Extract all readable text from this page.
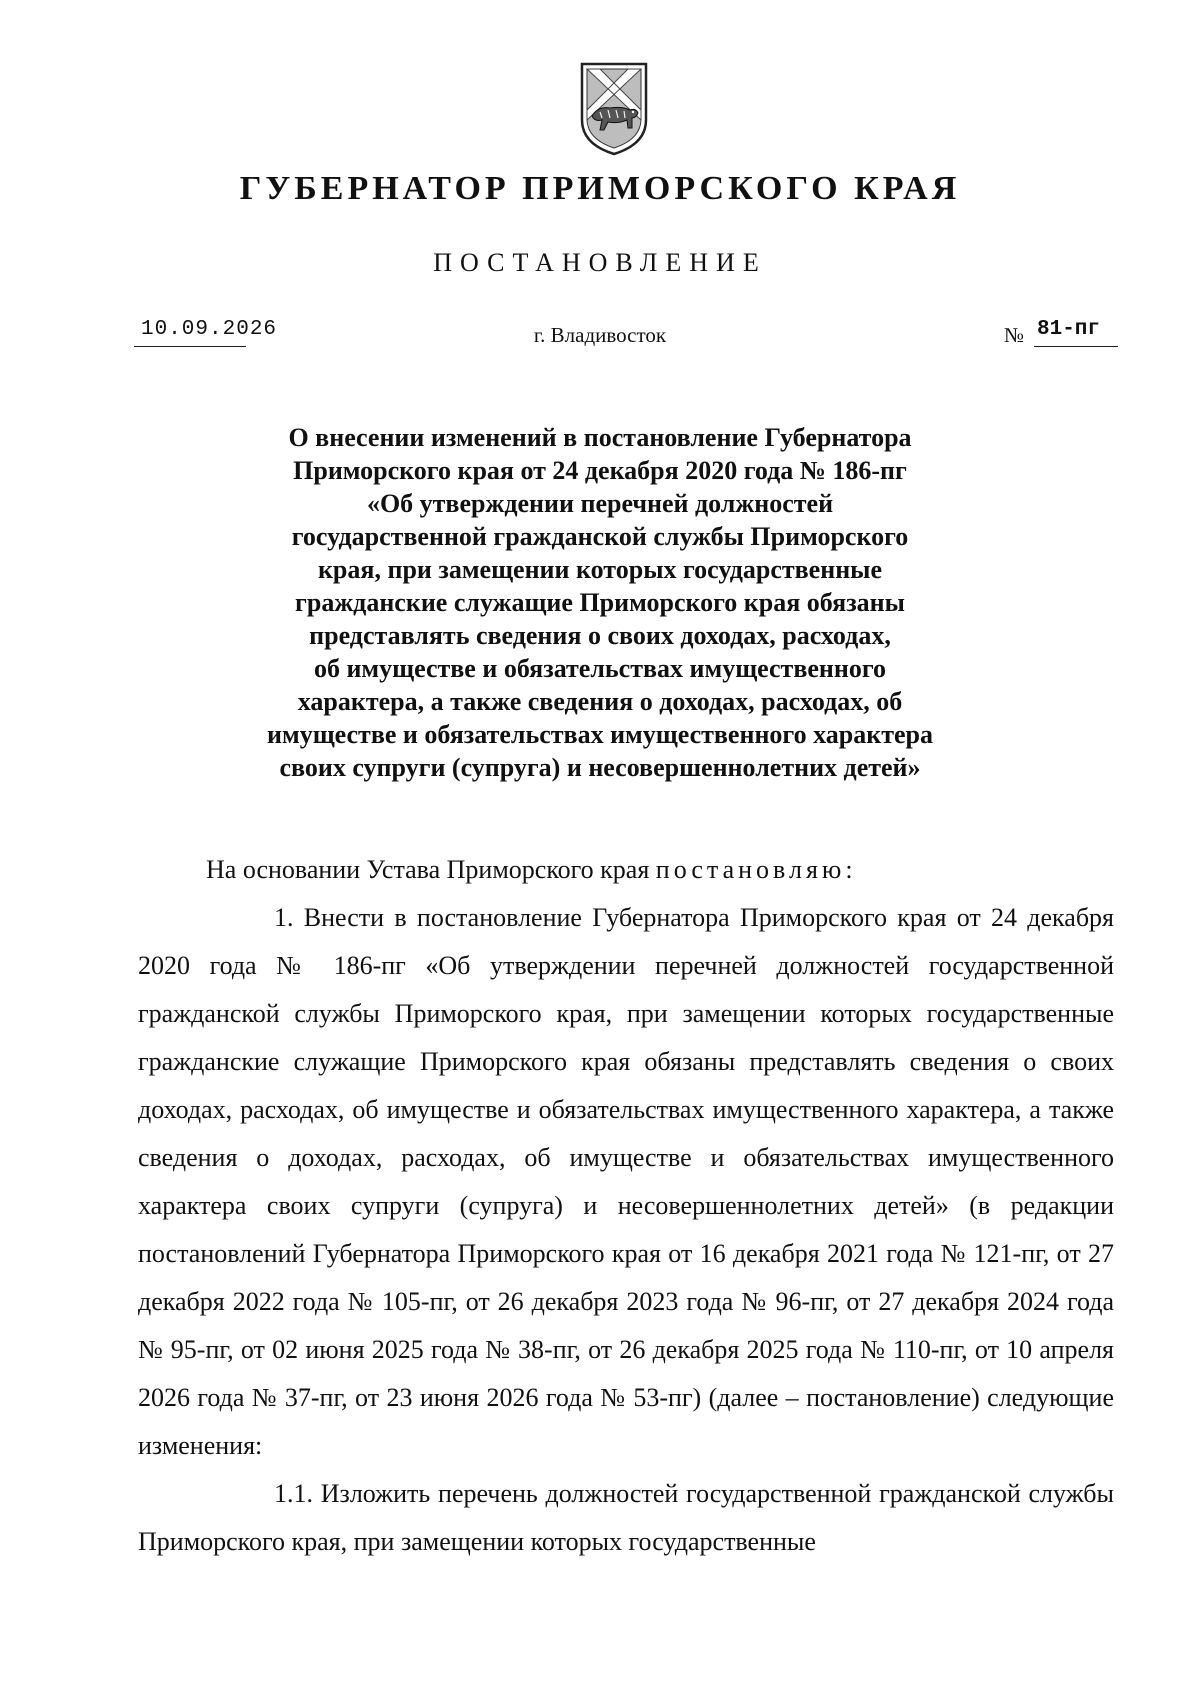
ГУБЕРНАТОР ПРИМОРСКОГО КРАЯ
ПОСТАНОВЛЕНИЕ
10.09.2026	г. Владивосток	№ 81-пг

О внесении изменений в постановление Губернатора

Приморского края от 24 декабря 2020 года № 186-пг

«Об утверждении перечней должностей

государственной гражданской службы Приморского

края, при замещении которых государственные

гражданские служащие Приморского края обязаны

представлять сведения о своих доходах, расходах,

об имуществе и обязательствах имущественного

характера, а также сведения о доходах, расходах, об

имуществе и обязательствах имущественного характера

своих супруги (супруга) и несовершеннолетних детей»

На основании Устава Приморского края постановляю:

1. Внести в постановление Губернатора Приморского края от 24 декабря 2020 года № 186-пг «Об утверждении перечней должностей государственной гражданской службы Приморского края, при замещении которых государственные гражданские служащие Приморского края обязаны представлять сведения о своих доходах, расходах, об имуществе и обязательствах имущественного характера, а также сведения о доходах, расходах, об имуществе и обязательствах имущественного характера своих супруги (супруга) и несовершеннолетних детей» (в редакции постановлений Губернатора Приморского края от 16 декабря 2021 года № 121-пг, от 27 декабря 2022 года № 105-пг, от 26 декабря 2023 года № 96-пг, от 27 декабря 2024 года № 95-пг, от 02 июня 2025 года № 38-пг, от 26 декабря 2025 года № 110-пг, от 10 апреля 2026 года № 37-пг, от 23 июня 2026 года № 53-пг) (далее – постановление) следующие изменения:

1.1. Изложить перечень должностей государственной гражданской службы Приморского края, при замещении которых государственные
